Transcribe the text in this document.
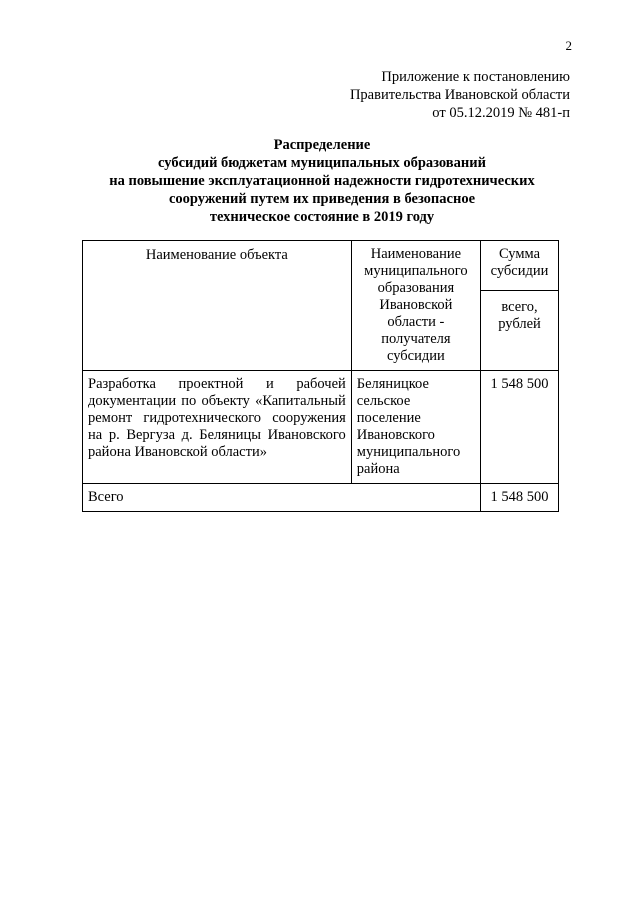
2
Приложение к постановлению
Правительства Ивановской области
от 05.12.2019 № 481-п
Распределение
субсидий бюджетам муниципальных образований
на повышение эксплуатационной надежности гидротехнических
сооружений путем их приведения в безопасное
техническое состояние в 2019 году
Наименование объекта	Наименование муниципального образования Ивановской области - получателя субсидии	Сумма субсидии
		всего, рублей
Разработка проектной и рабочей документации по объекту «Капитальный ремонт гидротехнического сооружения на р. Вергуза д. Беляницы Ивановского района Ивановской области»	Беляницкое сельское поселение Ивановского муниципального района	1 548 500
Всего		1 548 500
